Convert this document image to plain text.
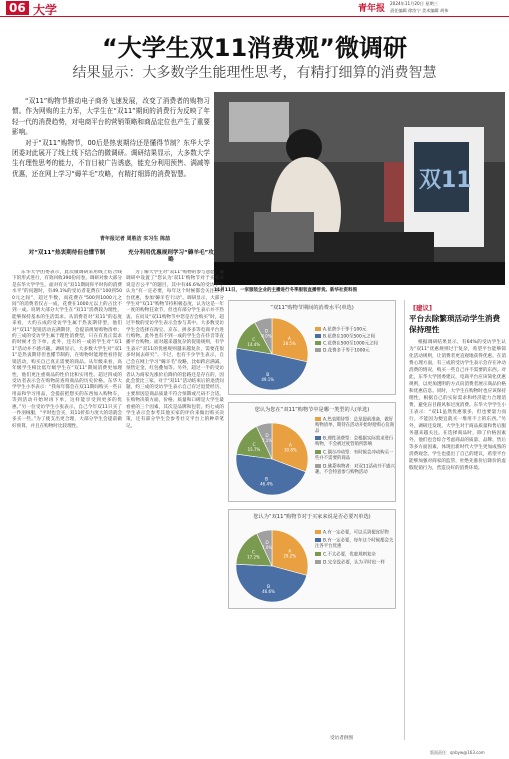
06 大学	青年报
2024年11月20日 星期三
责任编辑 徐汝宁 美术编辑 胡伟
“大学生双11消费观”微调研
结果显示：大多数学生能理性思考，有精打细算的消费智慧

“双11”购物节推动电子商务飞速发展，改变了消费者的购物习惯。作为网购的主力军，大学生在“双11”期间的消费行为反映了年轻一代的消费趋势，对电商平台的营销策略和商品定位也产生了重要影响。

对于“双11”购物节，00后是热衷期待还是懂得节制？东华大学团委对此展开了线上线下结合的微调研。调研结果显示，大多数大学生有理性思考的能力，不盲目被广告诱惑，能充分利用预售、满减等优惠，还在网上学习“薅羊毛”攻略，有精打细算的消费智慧。

青年报记者 周胜洁 实习生 陈喆
双11
11月11日，一家服装企业的主播进行冬季服装直播带货。新华社资料图
对“双11”热衷期待但也懂节制
东华大学团委表示，此次微调研采用线上结合线下的形式进行，有效回收390份问卷。调研对象大部分是东华大学学生。面对有关“双11期间你平时你的消费水平”的问题时，有49.1%的受访者花费在“100到500元之间”，超过半数，而花费在“500到1000元之间”的消费者仅占一成，花费在1000元以上的占比不到一成。说明大部分大学生在“双11”消费较为理性，能够保持基本的生活需求。从消费者对“双11”的态度来看，大约五成的受访学生属于热衷期待型，他们对“双11”促销活动充满期待，会提前规划购物清单；约三成的受访学生属于理性消费型，只在有真正需求的时候才会下单。此外，还有约一成的学生对“双11”活动并不感兴趣。调研显示，大多数大学生对“双11”是热衷期待但也懂节制的，在购物时能理性看待促销活动，购买自己真正需要的商品。从年级来看，高年级学生相比低年级学生在“双11”期间消费更加理性，他们更注重商品的性价比和实用性。超过四成的受访者表示会在购物前查询商品的历史价格。东华大学学生小李表示：“我每年都会在双11期间购买一些日用品和学习用品，会提前把想买的东西加入购物车，等到活动开始时再下单，这样能享受到更多的优惠。”另一位受访学生小张表示，自己今年双11只买了一件羽绒服，“平时也会买，双11折扣力度大的话就会多买一些。”为了使支出更合理，大部分学生会提前做好预算，并且在购物时比较理性。
充分利用优惠规则学习“薅羊毛”攻略
为了解大学生对“双11”购物的参与意愿，微调研中设置了“您认为‘双11’购物节对于买家来说是否公平”的题目，其中有46.6%的受访学生认为“有一定必要，每年这个时候都会关注各平台优惠，参加‘薅羊毛’行动”。调研显示，大部分学生对“双11”购物节持积极态度，认为这是一年一度的购物狂欢节，但也有部分学生表示并不热衷。在问及“双11购物节中您是否会购买”时，超过半数的受访学生表示会参与其中。大多数受访学生会选择在淘宝、京东、拼多多等电商平台进行购物。此外也有不到一成的学生会在抖音等直播平台购物。面对越来越复杂的促销规则，有学生表示“双11的优惠规则越来越复杂，需要花很多时间去研究”。不过，也有不少学生表示，自己会在网上学习“薅羊毛”攻略，比如跨店满减、预售定金、红包叠加等。另外，超过一半的受访者认为商家先涨价后降价的套路还是存在的，因此会货比三家。对于“双11”活动结束后的退货问题，约三成的受访学生表示自己有过退货经历，主要原因是商品质量不符合预期或尺码不合适。在购物决策方面，价格、质量和口碑是大学生最看重的三个因素，其次是品牌和包装。约七成的学生表示会参考其他买家的评价来做出购买决策，还有部分学生会参考社交平台上的种草笔记。
“双11”购物节期间的消费水平(单选)
A
28.5%
B
49.1%
C
14.4%
D
8.0%
A.花费少于等于100元
B.花费在100至500元之间
C.花费在500至1000元之间
D.花费多于等于1000元
您认为您在“双11”购物节中是哪一类型的人(单选)
A
30.8%
B
46.4%
C
15.7%
D
7.1%
A.热衷期待型：总是提前准备，做好购物清单，期待在活动开始时抢购心仪商品
B.理性消费型：会根据实际需求进行购物，不会被过度营销所影响
C.偶尔冲动型：有时候会冲动购买一些并不需要的商品
D.佛系购物者：对双11活动并不感兴趣，不会特意参与购物活动
您认为“双11”购物节对于买家来说是否必要?(单选)
A
29.2%
B
46.6%
C
17.2%
D
7.0%
A.有一定必要，可以买到便宜好物
B.有一定必要，每年这个时候都会关注各平台优惠
C.不太必要，优惠规则复杂
D.完全没必要，认为平时也一样
受访者供图
[建议]
平台去除繁琐活动学生消费保持理性
根据调研结果显示，有64%的受访学生认为“双11”优惠规则过于复杂，希望平台能够简化活动规则，让消费者更直观地获得优惠。在消费心理方面，有三成的受访学生表示会存在冲动消费的情况，购买一些自己并不需要的东西。对此，东华大学团委建议，电商平台应该简化优惠规则，以更加透明的方式向消费者展示商品价格和优惠信息。同时，大学生在购物时也应该保持理性，根据自己的实际需求和经济能力合理消费，避免盲目跟风和过度消费。东华大学学生小王表示：“双11虽然优惠很多，但也要量力而行，不能因为便宜就买一堆用不上的东西。”另外，调研还发现，大学生对于商品质量和售后服务越来越关注。在选择商品时，除了价格因素外，他们也会综合考虑商品的质量、品牌、售后等多方面因素，体现出新时代大学生更加成熟的消费观念。学生也提出了自己的建议，希望平台能够加强对商家的监管，杜绝先涨价后降价的虚假促销行为，营造良好的消费环境。
版面责任：qnbyw@163.com
